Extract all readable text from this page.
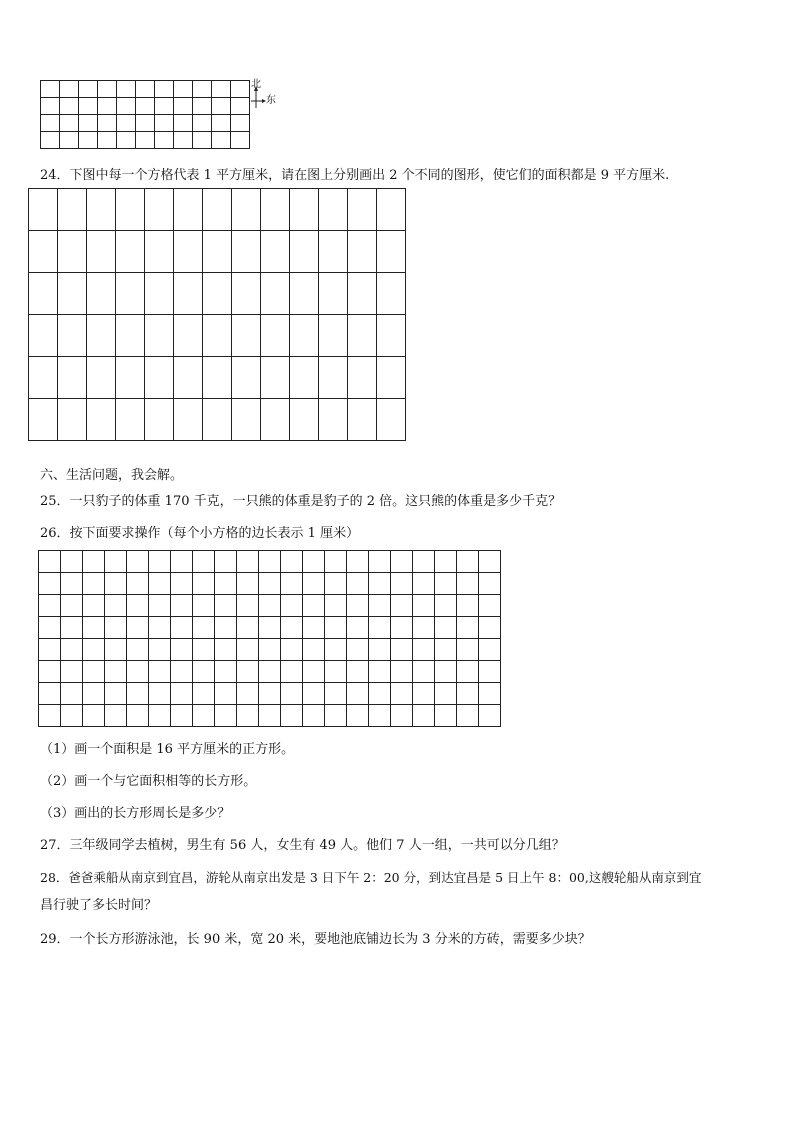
北
东
24．下图中每一个方格代表 1 平方厘米，请在图上分别画出 2 个不同的图形，使它们的面积都是 9 平方厘米.

六、生活问题，我会解。
25．一只豹子的体重 170 千克，一只熊的体重是豹子的 2 倍。这只熊的体重是多少千克？
26．按下面要求操作（每个小方格的边长表示 1 厘米）

（1）画一个面积是 16 平方厘米的正方形。
（2）画一个与它面积相等的长方形。
（3）画出的长方形周长是多少？
27．三年级同学去植树，男生有 56 人，女生有 49 人。他们 7 人一组，一共可以分几组？
28．爸爸乘船从南京到宜昌，游轮从南京出发是 3 日下午 2：20 分，到达宜昌是 5 日上午 8：00,这艘轮船从南京到宜
昌行驶了多长时间？
29．一个长方形游泳池，长 90 米，宽 20 米，要地池底铺边长为 3 分米的方砖，需要多少块？
